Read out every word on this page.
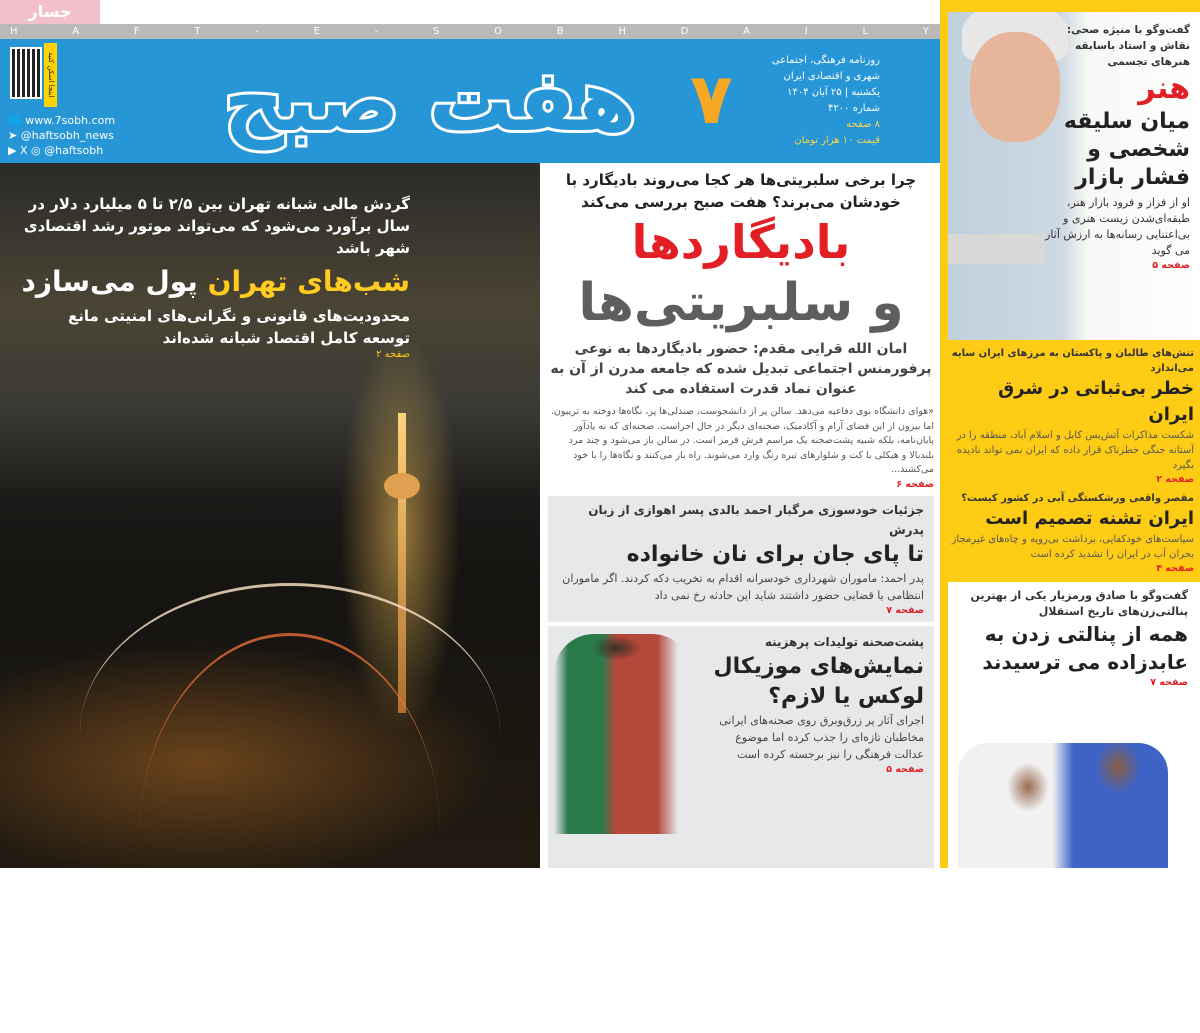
جسار
H	A	F	T	-	E	-	S	O	B	H	D	A	I	L	Y
اینجا اسکن کنید
🌐 www.7sobh.com
➤ @haftsobh_news
▶ X ◎ @haftsobh
هفت صبح ۷	روزنامه فرهنگی، اجتماعی
شهری و اقتصادی ایران
یکشنبه | ۲۵ آبان ۱۴۰۴
شماره ۴۲۰۰
۸ صفحه
قیمت ۱۰ هزار تومان
گردش مالی شبانه تهران بین ۲/۵ تا ۵ میلیارد دلار در سال برآورد می‌شود که می‌تواند موتور رشد اقتصادی شهر باشد
شب‌های تهران پول می‌سازد
محدودیت‌های قانونی و نگرانی‌های امنیتی مانع توسعه کامل اقتصاد شبانه شده‌اند
صفحه ۲
چرا برخی سلبریتی‌ها هر کجا می‌روند بادیگارد با خودشان می‌برند؟ هفت صبح بررسی می‌کند
بادیگاردها
و سلبریتی‌ها
امان الله قرایی مقدم: حضور بادیگاردها به نوعی پرفورمنس اجتماعی تبدیل شده که جامعه مدرن از آن به عنوان نماد قدرت استفاده می کند
«هوای دانشگاه بوی دفاعیه می‌دهد. سالن پر از دانشجوست، صندلی‌ها پر، نگاه‌ها دوخته به تریبون. اما بیرون از این فضای آرام و آکادمیک، صحنه‌ای دیگر در حال اجراست. صحنه‌ای که نه یادآور پایان‌نامه، بلکه شبیه پشت‌صحنه یک مراسم فرش قرمز است. در سالن باز می‌شود و چند مرد بلندبالا و هیکلی با کت و شلوارهای تیره رنگ وارد می‌شوند. راه باز می‌کنند و نگاه‌ها را با خود می‌کشند...
صفحه ۶
جزئیات خودسوزی مرگبار احمد بالدی پسر اهوازی از زبان پدرش
تا پای جان برای نان خانواده
پدر احمد: ماموران شهرداری خودسرانه اقدام به تخریب دکه کردند. اگر ماموران انتظامی یا قضایی حضور داشتند شاید این حادثه رخ نمی داد
صفحه ۷
پشت‌صحنه تولیدات پرهزینه
نمایش‌های موزیکال لوکس یا لازم؟
اجرای آثار پر زرق‌وبرق روی صحنه‌های ایرانی مخاطبان تازه‌ای را جذب کرده اما موضوع عدالت فرهنگی را نیز برجسته کرده است
صفحه ۵
گفت‌وگو با منیژه صحی: نقاش و استاد باسابقه هنرهای تجسمی
هنر
میان سلیقه شخصی و فشار بازار
او از فراز و فرود بازار هنر، طبقه‌ای‌شدن زیست هنری و بی‌اعتنایی رسانه‌ها به ارزش آثار می گوید
صفحه ۵
تنش‌های طالبان و پاکستان به مرزهای ایران سایه می‌اندازد
خطر بی‌ثباتی در شرق ایران
شکست مذاکرات آتش‌بس کابل و اسلام آباد، منطقه را در آستانه جنگی خطرناک قرار داده که ایران نمی تواند نادیده بگیرد
صفحه ۲
مقصر واقعی ورشکستگی آبی در کشور کیست؟
ایران تشنه تصمیم است
سیاست‌های خودکفایی، برداشت بی‌رویه و چاه‌های غیرمجاز بحران آب در ایران را تشدید کرده است
صفحه ۴
گفت‌وگو با صادق ورمزیار یکی از بهترین پنالتی‌زن‌های تاریخ استقلال
همه از پنالتی زدن به عابدزاده می ترسیدند
صفحه ۷
